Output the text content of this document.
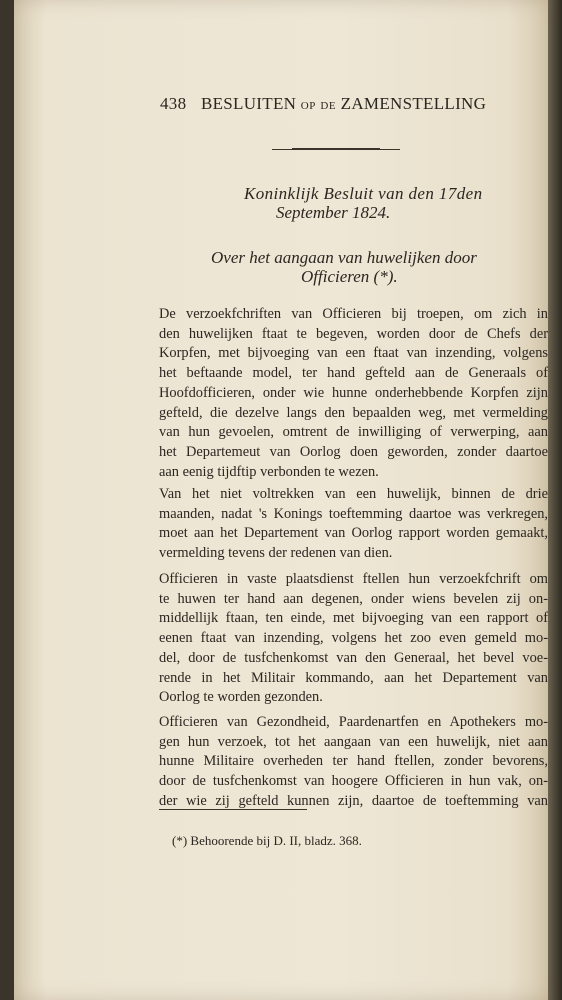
438 BESLUITEN OP DE ZAMENSTELLING
Koninklijk Besluit van den 17den
September 1824.
Over het aangaan van huwelijken door
Officieren (*).

De verzoekfchriften van Officieren bij troepen, om zich in

den huwelijken ftaat te begeven, worden door de Chefs der

Korpfen, met bijvoeging van een ftaat van inzending, volgens

het beftaande model, ter hand gefteld aan de Generaals of

Hoofdofficieren, onder wie hunne onderhebbende Korpfen zijn

gefteld, die dezelve langs den bepaalden weg, met vermelding

van hun gevoelen, omtrent de inwilliging of verwerping, aan

het Departemeut van Oorlog doen geworden, zonder daartoe

aan eenig tijdftip verbonden te wezen.

Van het niet voltrekken van een huwelijk, binnen de drie

maanden, nadat 's Konings toeftemming daartoe was verkregen,

moet aan het Departement van Oorlog rapport worden gemaakt,

vermelding tevens der redenen van dien.

Officieren in vaste plaatsdienst ftellen hun verzoekfchrift om

te huwen ter hand aan degenen, onder wiens bevelen zij on-

middellijk ftaan, ten einde, met bijvoeging van een rapport of

eenen ftaat van inzending, volgens het zoo even gemeld mo-

del, door de tusfchenkomst van den Generaal, het bevel voe-

rende in het Militair kommando, aan het Departement van

Oorlog te worden gezonden.

Officieren van Gezondheid, Paardenartfen en Apothekers mo-

gen hun verzoek, tot het aangaan van een huwelijk, niet aan

hunne Militaire overheden ter hand ftellen, zonder bevorens,

door de tusfchenkomst van hoogere Officieren in hun vak, on-

der wie zij gefteld kunnen zijn, daartoe de toeftemming van

(*) Behoorende bij D. II, bladz. 368.
